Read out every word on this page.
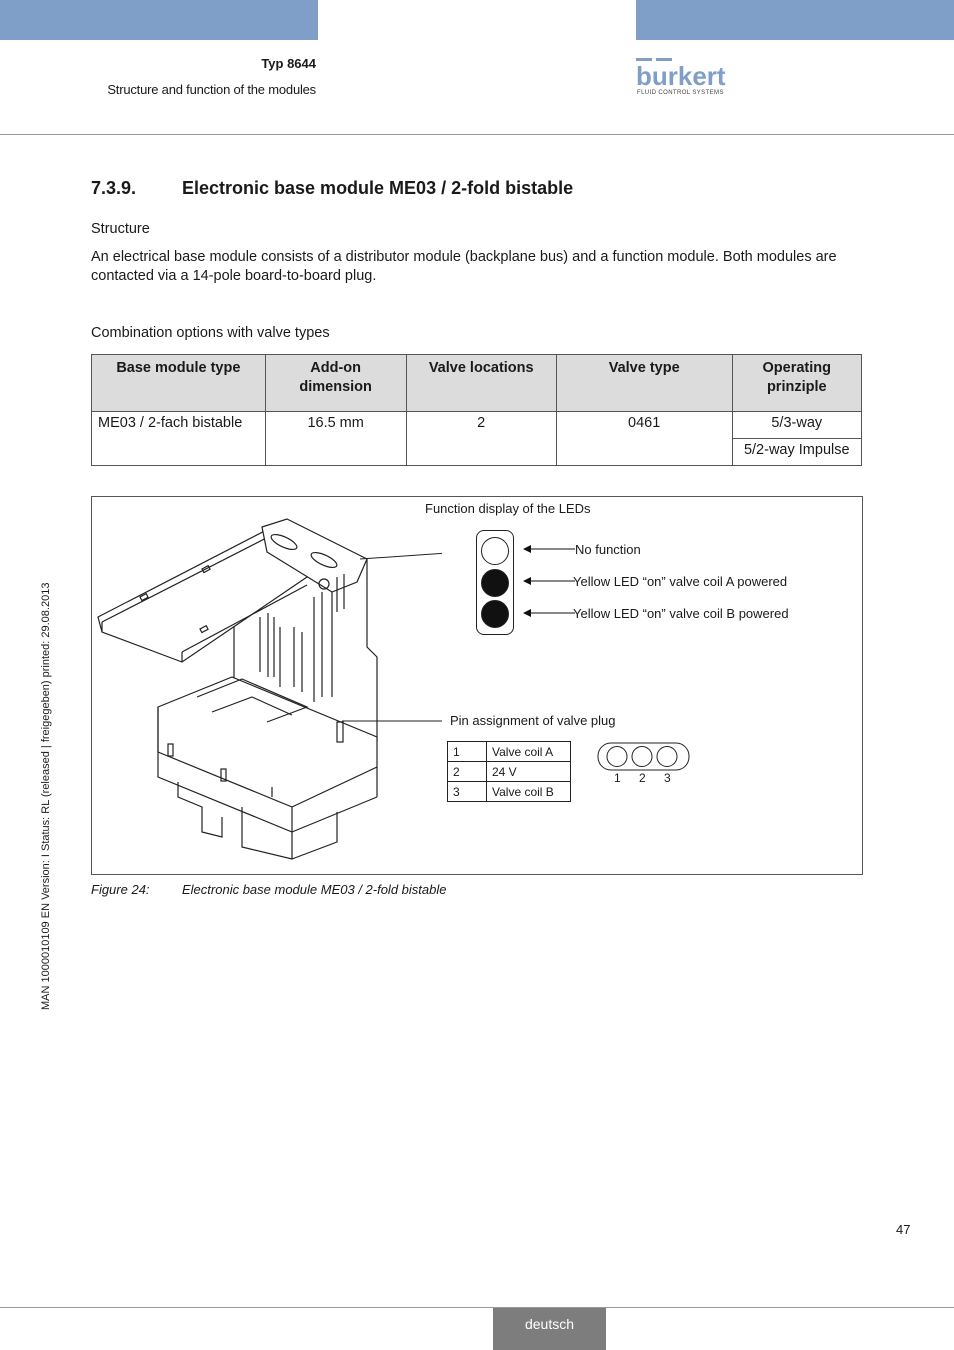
Typ 8644
Structure and function of the modules	burkert
FLUID CONTROL SYSTEMS
7.3.9.	Electronic base module ME03 / 2-fold bistable
Structure
An electrical base module consists of a distributor module (backplane bus) and a function module. Both modules are contacted via a 14-pole board-to-board plug.
Combination options with valve types
Base module type	Add-on dimension	Valve locations	Valve type	Operating prinziple
ME03 / 2-fach bistable	16.5 mm	2	0461	5/3-way
				5/2-way Impulse
Function display of the LEDs
No function
Yellow LED “on” valve coil A powered
Yellow LED “on” valve coil B powered
Pin assignment of valve plug
1	Valve coil A
2	24 V
3	Valve coil B
1 2 3
Figure 24: Electronic base module ME03 / 2-fold bistable
MAN 1000010109 EN Version: I Status: RL (released | freigegeben) printed: 29.08.2013
47
deutsch
